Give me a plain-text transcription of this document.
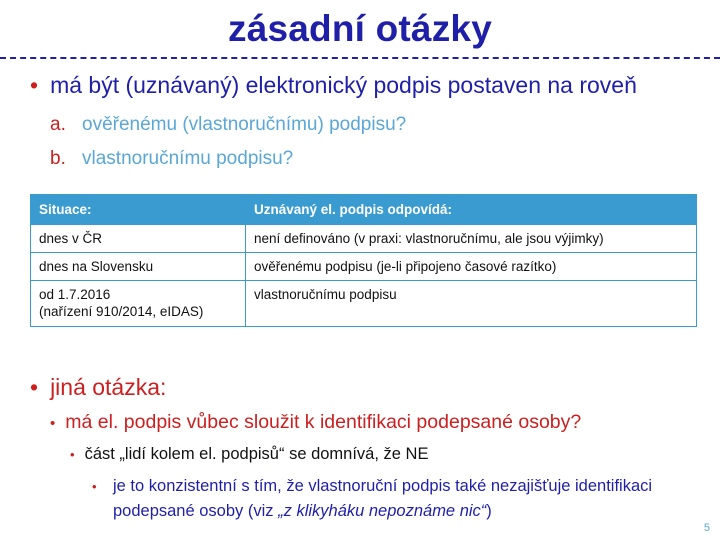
zásadní otázky
• má být (uznávaný) elektronický podpis postaven na roveň
a. ověřenému (vlastnoručnímu) podpisu?
b. vlastnoručnímu podpisu?
Situace:	Uznávaný el. podpis odpovídá:
dnes v ČR	není definováno (v praxi: vlastnoručnímu, ale jsou výjimky)
dnes na Slovensku	ověřenému podpisu (je-li připojeno časové razítko)
od 1.7.2016
(nařízení 910/2014, eIDAS)	vlastnoručnímu podpisu
• jiná otázka:
• má el. podpis vůbec sloužit k identifikaci podepsané osoby?
• část „lidí kolem el. podpisů“ se domnívá, že NE
• je to konzistentní s tím, že vlastnoruční podpis také nezajišťuje identifikaci podepsané osoby (viz „z klikyháku nepoznáme nic“)
5
